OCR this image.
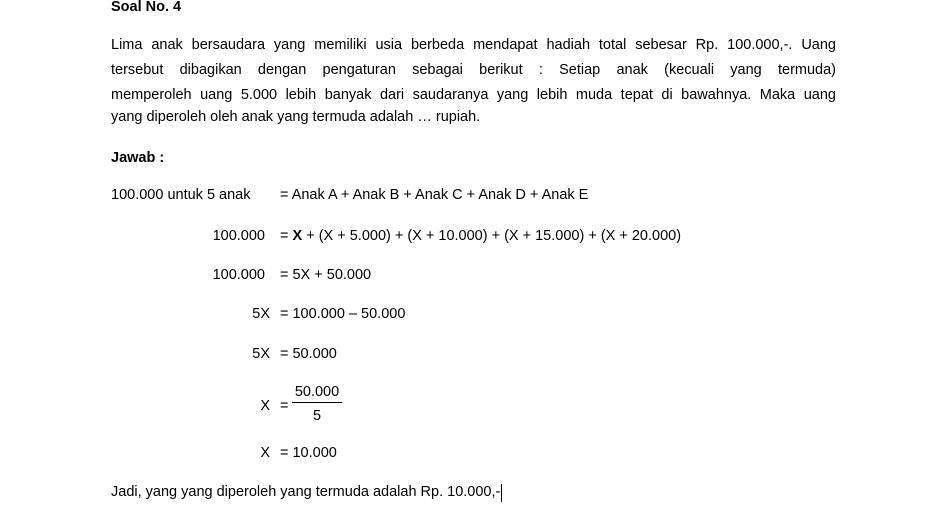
Soal No. 4
Lima anak bersaudara yang memiliki usia berbeda mendapat hadiah total sebesar Rp. 100.000,-. Uang
tersebut dibagikan dengan pengaturan sebagai berikut : Setiap anak (kecuali yang termuda)
memperoleh uang 5.000 lebih banyak dari saudaranya yang lebih muda tepat di bawahnya. Maka uang
yang diperoleh oleh anak yang termuda adalah … rupiah.
Jawab :
100.000 untuk 5 anak = Anak A + Anak B + Anak C + Anak D + Anak E
100.000 = X + (X + 5.000) + (X + 10.000) + (X + 15.000) + (X + 20.000)
100.000 = 5X + 50.000
5X = 100.000 – 50.000
5X = 50.000
$X = \frac{50.000}{5}$
X = 10.000
Jadi, yang yang diperoleh yang termuda adalah Rp. 10.000,-
